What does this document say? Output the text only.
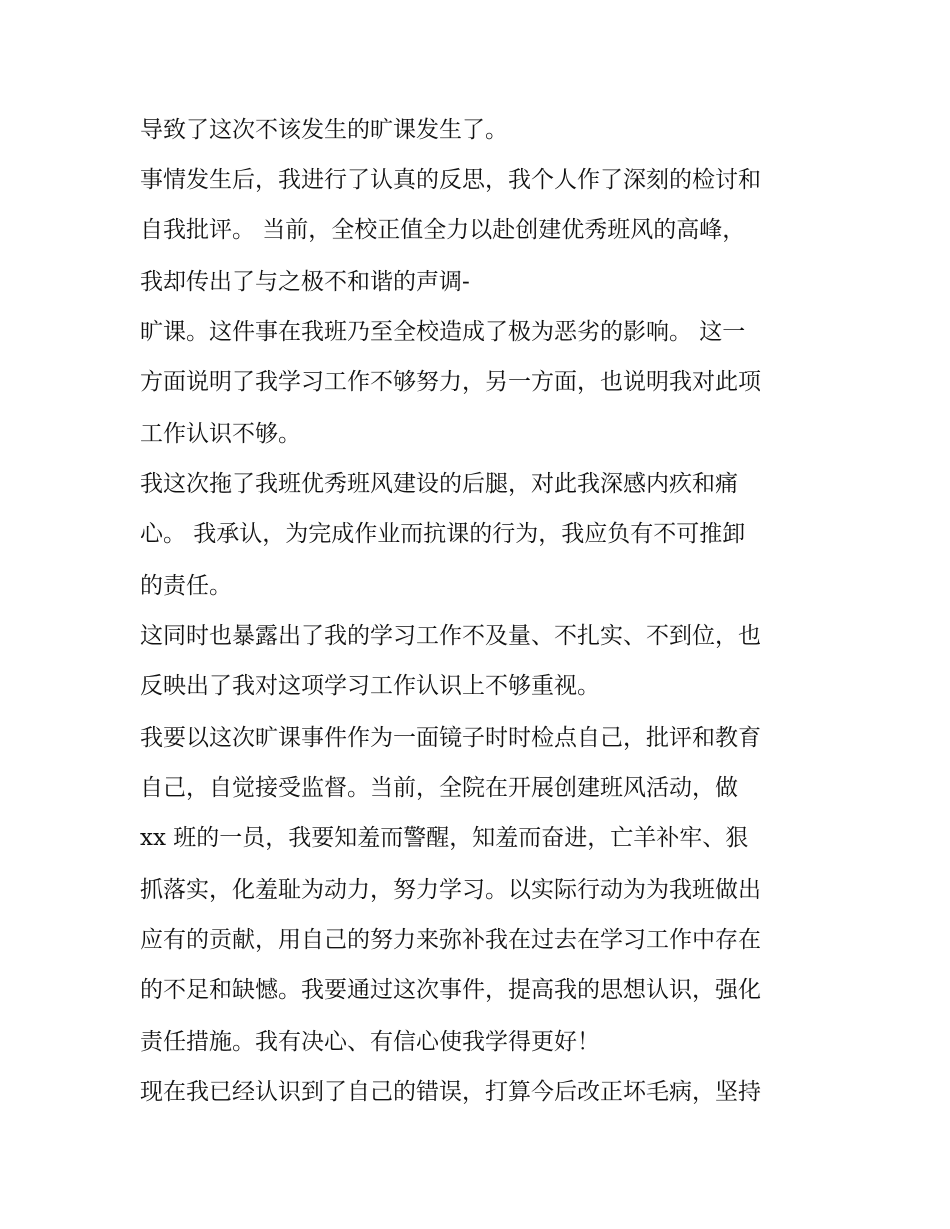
导致了这次不该发生的旷课发生了。
事情发生后，我进行了认真的反思，我个人作了深刻的检讨和
自我批评。 当前，全校正值全力以赴创建优秀班风的高峰，
我却传出了与之极不和谐的声调-
旷课。这件事在我班乃至全校造成了极为恶劣的影响。 这一
方面说明了我学习工作不够努力，另一方面，也说明我对此项
工作认识不够。
我这次拖了我班优秀班风建设的后腿，对此我深感内疚和痛
心。 我承认，为完成作业而抗课的行为，我应负有不可推卸
的责任。
这同时也暴露出了我的学习工作不及量、不扎实、不到位，也
反映出了我对这项学习工作认识上不够重视。
我要以这次旷课事件作为一面镜子时时检点自己，批评和教育
自己，自觉接受监督。当前，全院在开展创建班风活动，做
xx 班的一员，我要知羞而警醒，知羞而奋进，亡羊补牢、狠
抓落实，化羞耻为动力，努力学习。以实际行动为为我班做出
应有的贡献，用自己的努力来弥补我在过去在学习工作中存在
的不足和缺憾。我要通过这次事件，提高我的思想认识，强化
责任措施。我有决心、有信心使我学得更好！
现在我已经认识到了自己的错误，打算今后改正坏毛病，坚持
